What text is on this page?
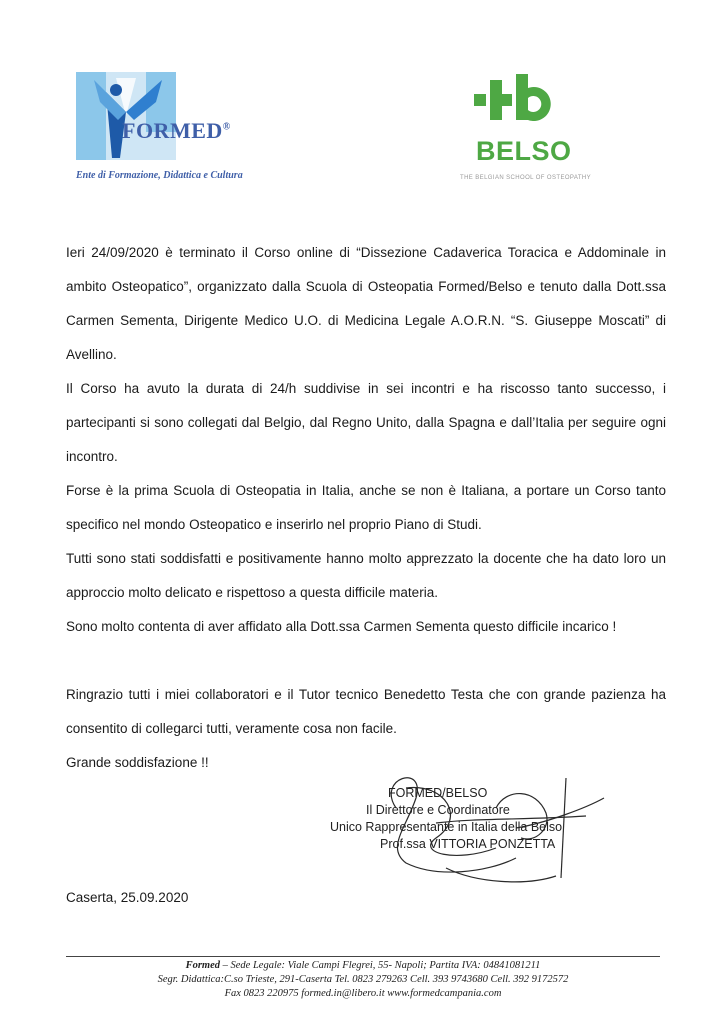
FORMED®
Ente di Formazione, Didattica e Cultura
BELSO
THE BELGIAN SCHOOL OF OSTEOPATHY

Ieri 24/09/2020 è terminato il Corso online di “Dissezione Cadaverica Toracica e Addominale in ambito Osteopatico”, organizzato dalla Scuola di Osteopatia Formed/Belso e tenuto dalla Dott.ssa Carmen Sementa, Dirigente Medico U.O. di Medicina Legale A.O.R.N. “S. Giuseppe Moscati” di Avellino.

Il Corso ha avuto la durata di 24/h suddivise in sei incontri e ha riscosso tanto successo, i partecipanti si sono collegati dal Belgio, dal Regno Unito, dalla Spagna e dall’Italia per seguire ogni incontro.

Forse è la prima Scuola di Osteopatia in Italia, anche se non è Italiana, a portare un Corso tanto specifico nel mondo Osteopatico e inserirlo nel proprio Piano di Studi.

Tutti sono stati soddisfatti e positivamente hanno molto apprezzato la docente che ha dato loro un approccio molto delicato e rispettoso a questa difficile materia.

Sono molto contenta di aver affidato alla Dott.ssa Carmen Sementa questo difficile incarico !

Ringrazio tutti i miei collaboratori e il Tutor tecnico Benedetto Testa che con grande pazienza ha consentito di collegarci tutti, veramente cosa non facile.

Grande soddisfazione !!

FORMED/BELSO
Il Direttore e Coordinatore
Unico Rappresentante in Italia della Belso
Prof.ssa VITTORIA PONZETTA
Caserta, 25.09.2020
Formed – Sede Legale: Viale Campi Flegrei, 55- Napoli; Partita IVA: 04841081211
Segr. Didattica:C.so Trieste, 291-Caserta Tel. 0823 279263 Cell. 393 9743680 Cell. 392 9172572
Fax 0823 220975 formed.in@libero.it www.formedcampania.com
